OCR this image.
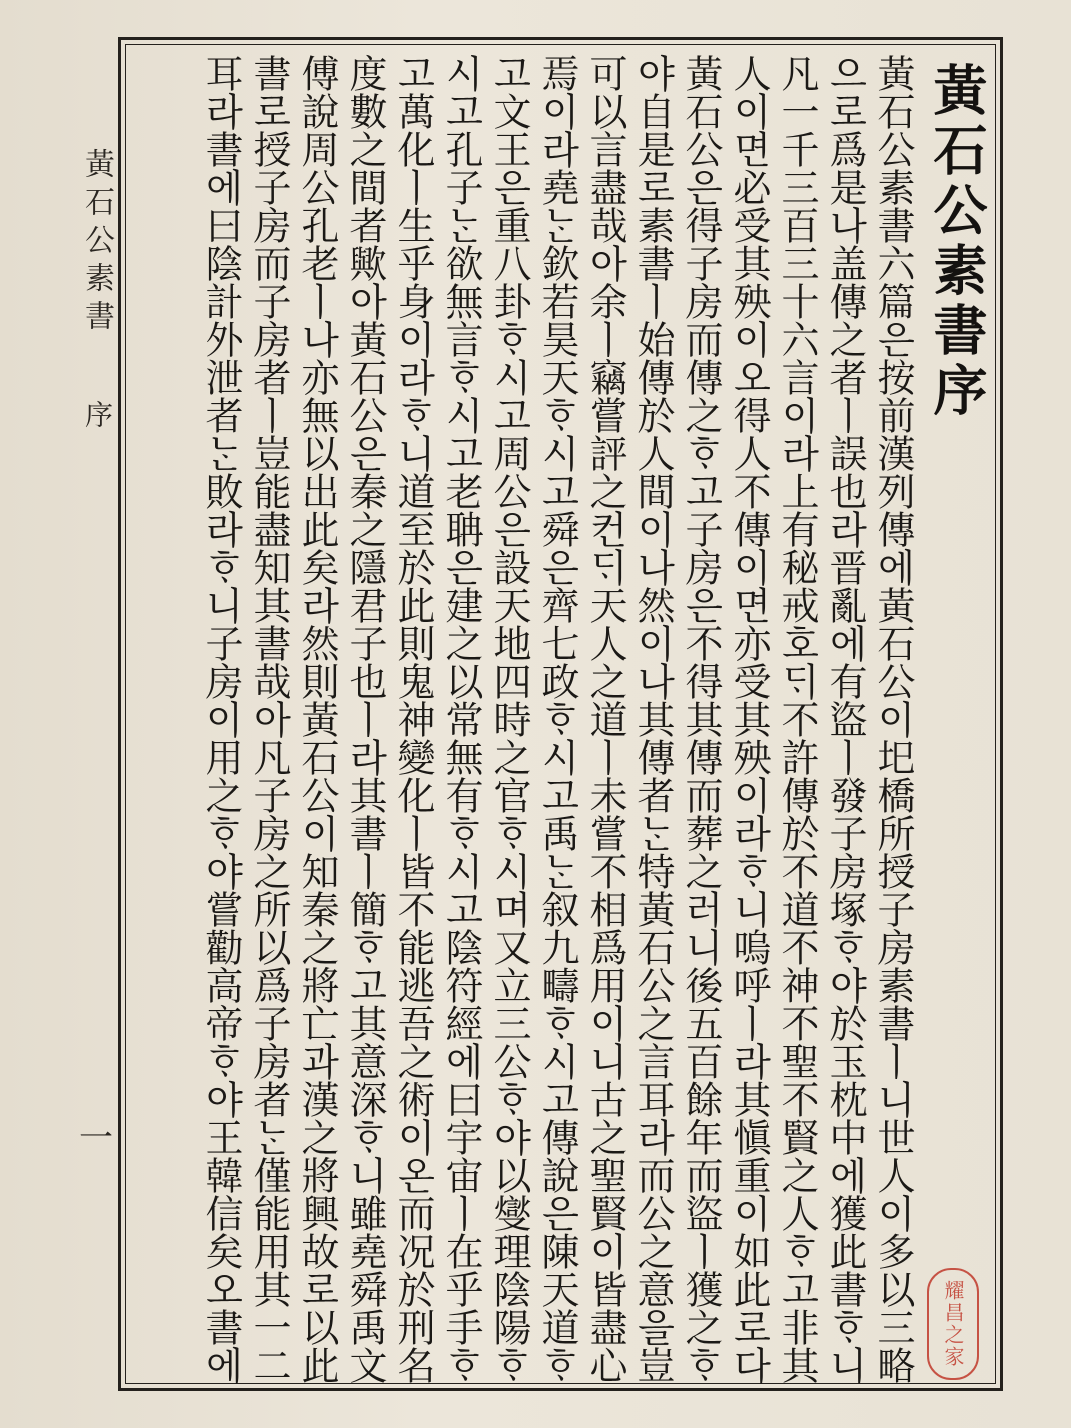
黃石公素書序
黃石公素書六篇은按前漢列傳에黃石公이圯橋所授子房素書ㅣ니世人이多以三略
으로爲是나盖傳之者ㅣ誤也라晋亂에有盜ㅣ發子房塚ᄒᆞ야於玉枕中에獲此書ᄒᆞ니
凡一千三百三十六言이라上有秘戒호ᄃᆡ不許傳於不道不神不聖不賢之人ᄒᆞ고非其
人이면必受其殃이오得人不傳이면亦受其殃이라ᄒᆞ니嗚呼ㅣ라其愼重이如此로다
黃石公은得子房而傳之ᄒᆞ고子房은不得其傳而葬之러니後五百餘年而盜ㅣ獲之ᄒᆞ
야自是로素書ㅣ始傳於人間이나然이나其傳者ᄂᆞᆫ特黃石公之言耳라而公之意을豈
可以言盡哉아余ㅣ竊嘗評之컨ᄃᆡ天人之道ㅣ未嘗不相爲用이니古之聖賢이皆盡心
焉이라堯ᄂᆞᆫ欽若昊天ᄒᆞ시고舜은齊七政ᄒᆞ시고禹ᄂᆞᆫ叙九疇ᄒᆞ시고傳說은陳天道ᄒᆞ
고文王은重八卦ᄒᆞ시고周公은設天地四時之官ᄒᆞ시며又立三公ᄒᆞ야以燮理陰陽ᄒᆞ
시고孔子ᄂᆞᆫ欲無言ᄒᆞ시고老聃은建之以常無有ᄒᆞ시고陰符經에曰宇宙ㅣ在乎手ᄒᆞ
고萬化ㅣ生乎身이라ᄒᆞ니道至於此則鬼神變化ㅣ皆不能逃吾之術이온而况於刑名
度數之間者歟아黃石公은秦之隱君子也ㅣ라其書ㅣ簡ᄒᆞ고其意深ᄒᆞ니雖堯舜禹文
傅說周公孔老ㅣ나亦無以出此矣라然則黃石公이知秦之將亡과漢之將興故로以此
書로授子房而子房者ㅣ豈能盡知其書哉아凡子房之所以爲子房者ᄂᆞᆫ僅能用其一二
耳라書에曰陰計外泄者ᄂᆞᆫ敗라ᄒᆞ니子房이用之ᄒᆞ야嘗勸高帝ᄒᆞ야王韓信矣오書에
黃石公素書
序
一
耀昌之家
